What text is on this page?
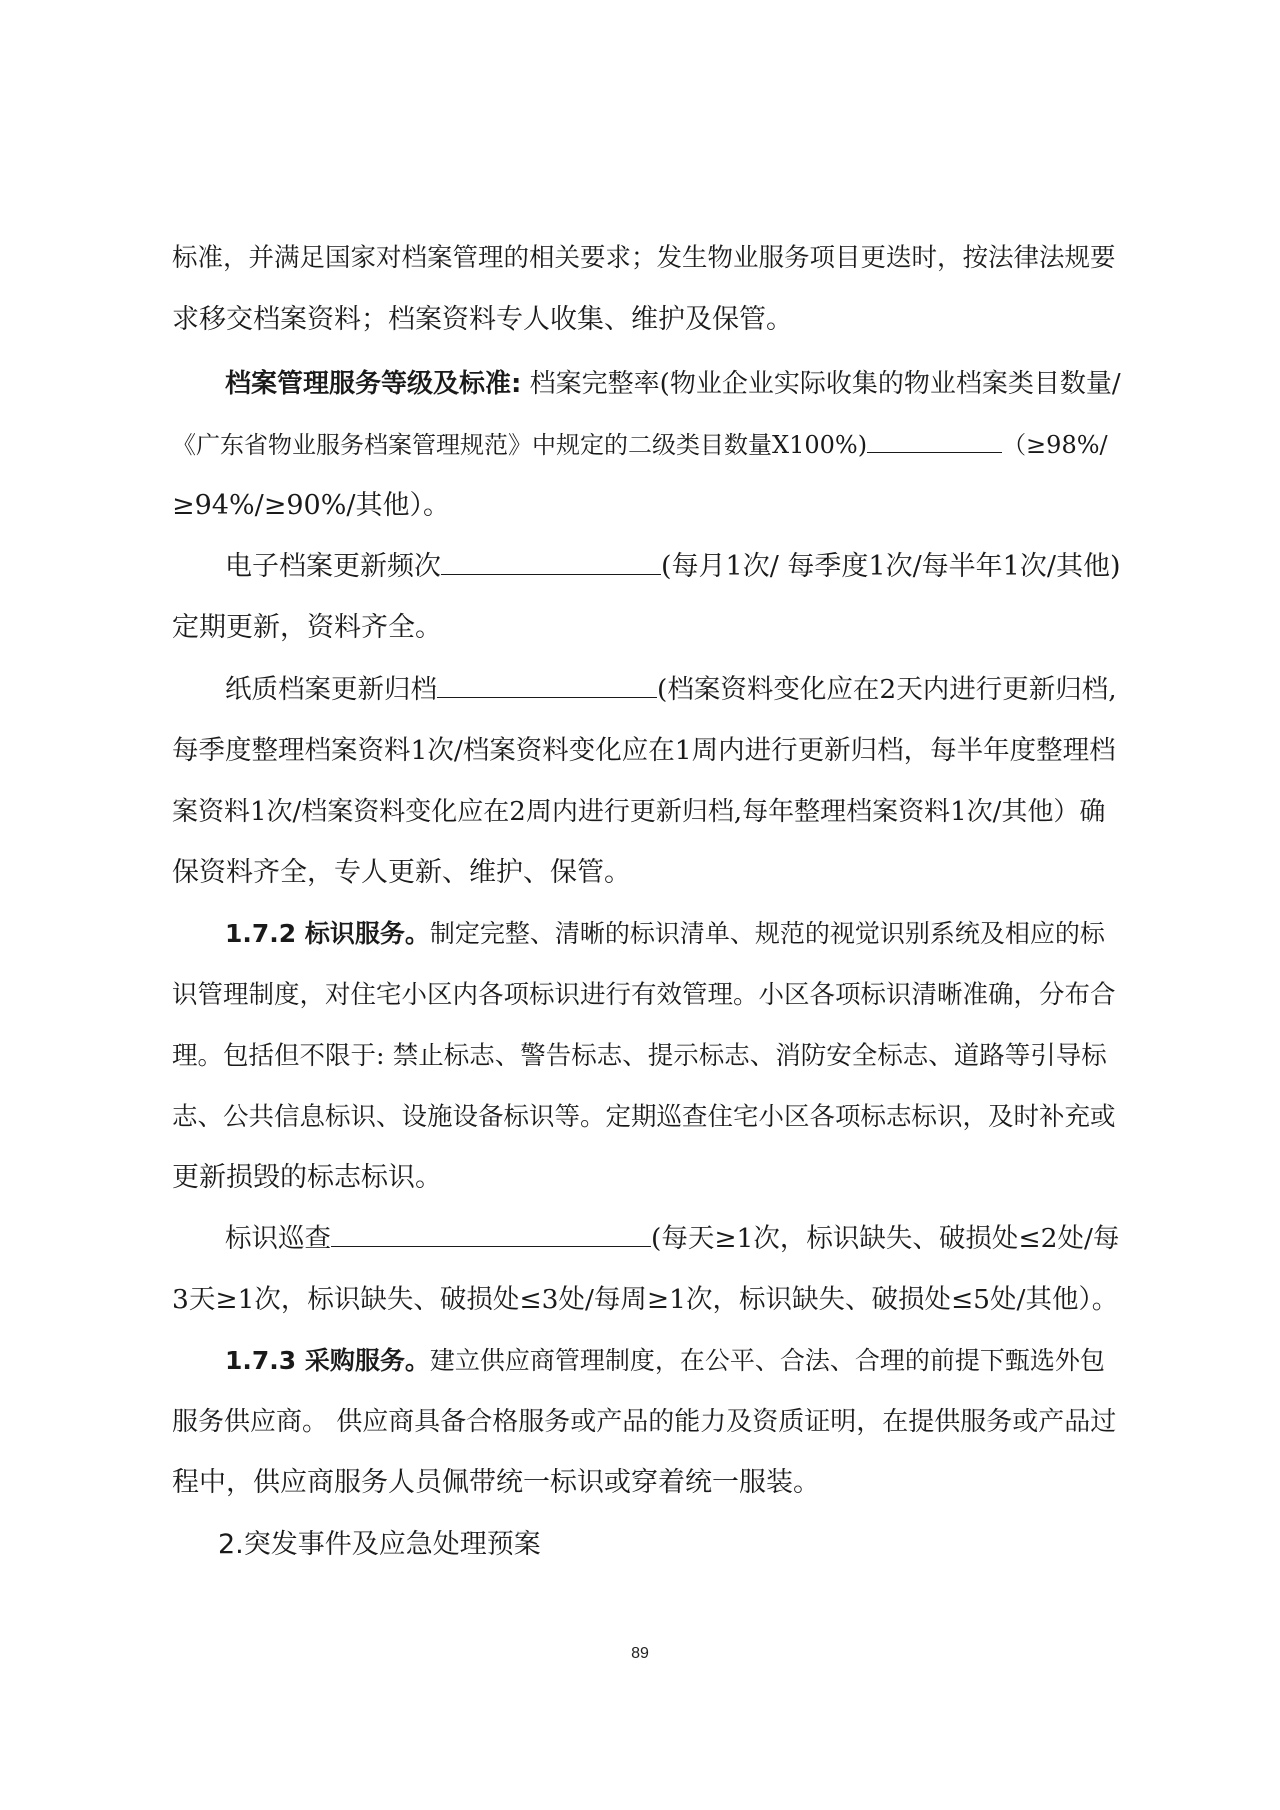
标准，并满足国家对档案管理的相关要求；发生物业服务项目更迭时，按法律法规要
求移交档案资料；档案资料专人收集、维护及保管。
档案管理服务等级及标准: 档案完整率(物业企业实际收集的物业档案类目数量/
《广东省物业服务档案管理规范》中规定的二级类目数量X100%)	（≥98%/
≥94%/≥90%/其他）。
电子档案更新频次	(每月1次/ 每季度1次/每半年1次/其他)
定期更新，资料齐全。
纸质档案更新归档	(档案资料变化应在2天内进行更新归档,
每季度整理档案资料1次/档案资料变化应在1周内进行更新归档，每半年度整理档
案资料1次/档案资料变化应在2周内进行更新归档,每年整理档案资料1次/其他）确
保资料齐全，专人更新、维护、保管。
1.7.2 标识服务。制定完整、清晰的标识清单、规范的视觉识别系统及相应的标
识管理制度，对住宅小区内各项标识进行有效管理。小区各项标识清晰准确，分布合
理。包括但不限于: 禁止标志、警告标志、提示标志、消防安全标志、道路等引导标
志、公共信息标识、设施设备标识等。定期巡查住宅小区各项标志标识，及时补充或
更新损毁的标志标识。
标识巡查	(每天≥1次，标识缺失、破损处≤2处/每
3天≥1次，标识缺失、破损处≤3处/每周≥1次，标识缺失、破损处≤5处/其他）。
1.7.3 采购服务。建立供应商管理制度，在公平、合法、合理的前提下甄选外包
服务供应商。 供应商具备合格服务或产品的能力及资质证明，在提供服务或产品过
程中，供应商服务人员佩带统一标识或穿着统一服装。
2.突发事件及应急处理预案
89
